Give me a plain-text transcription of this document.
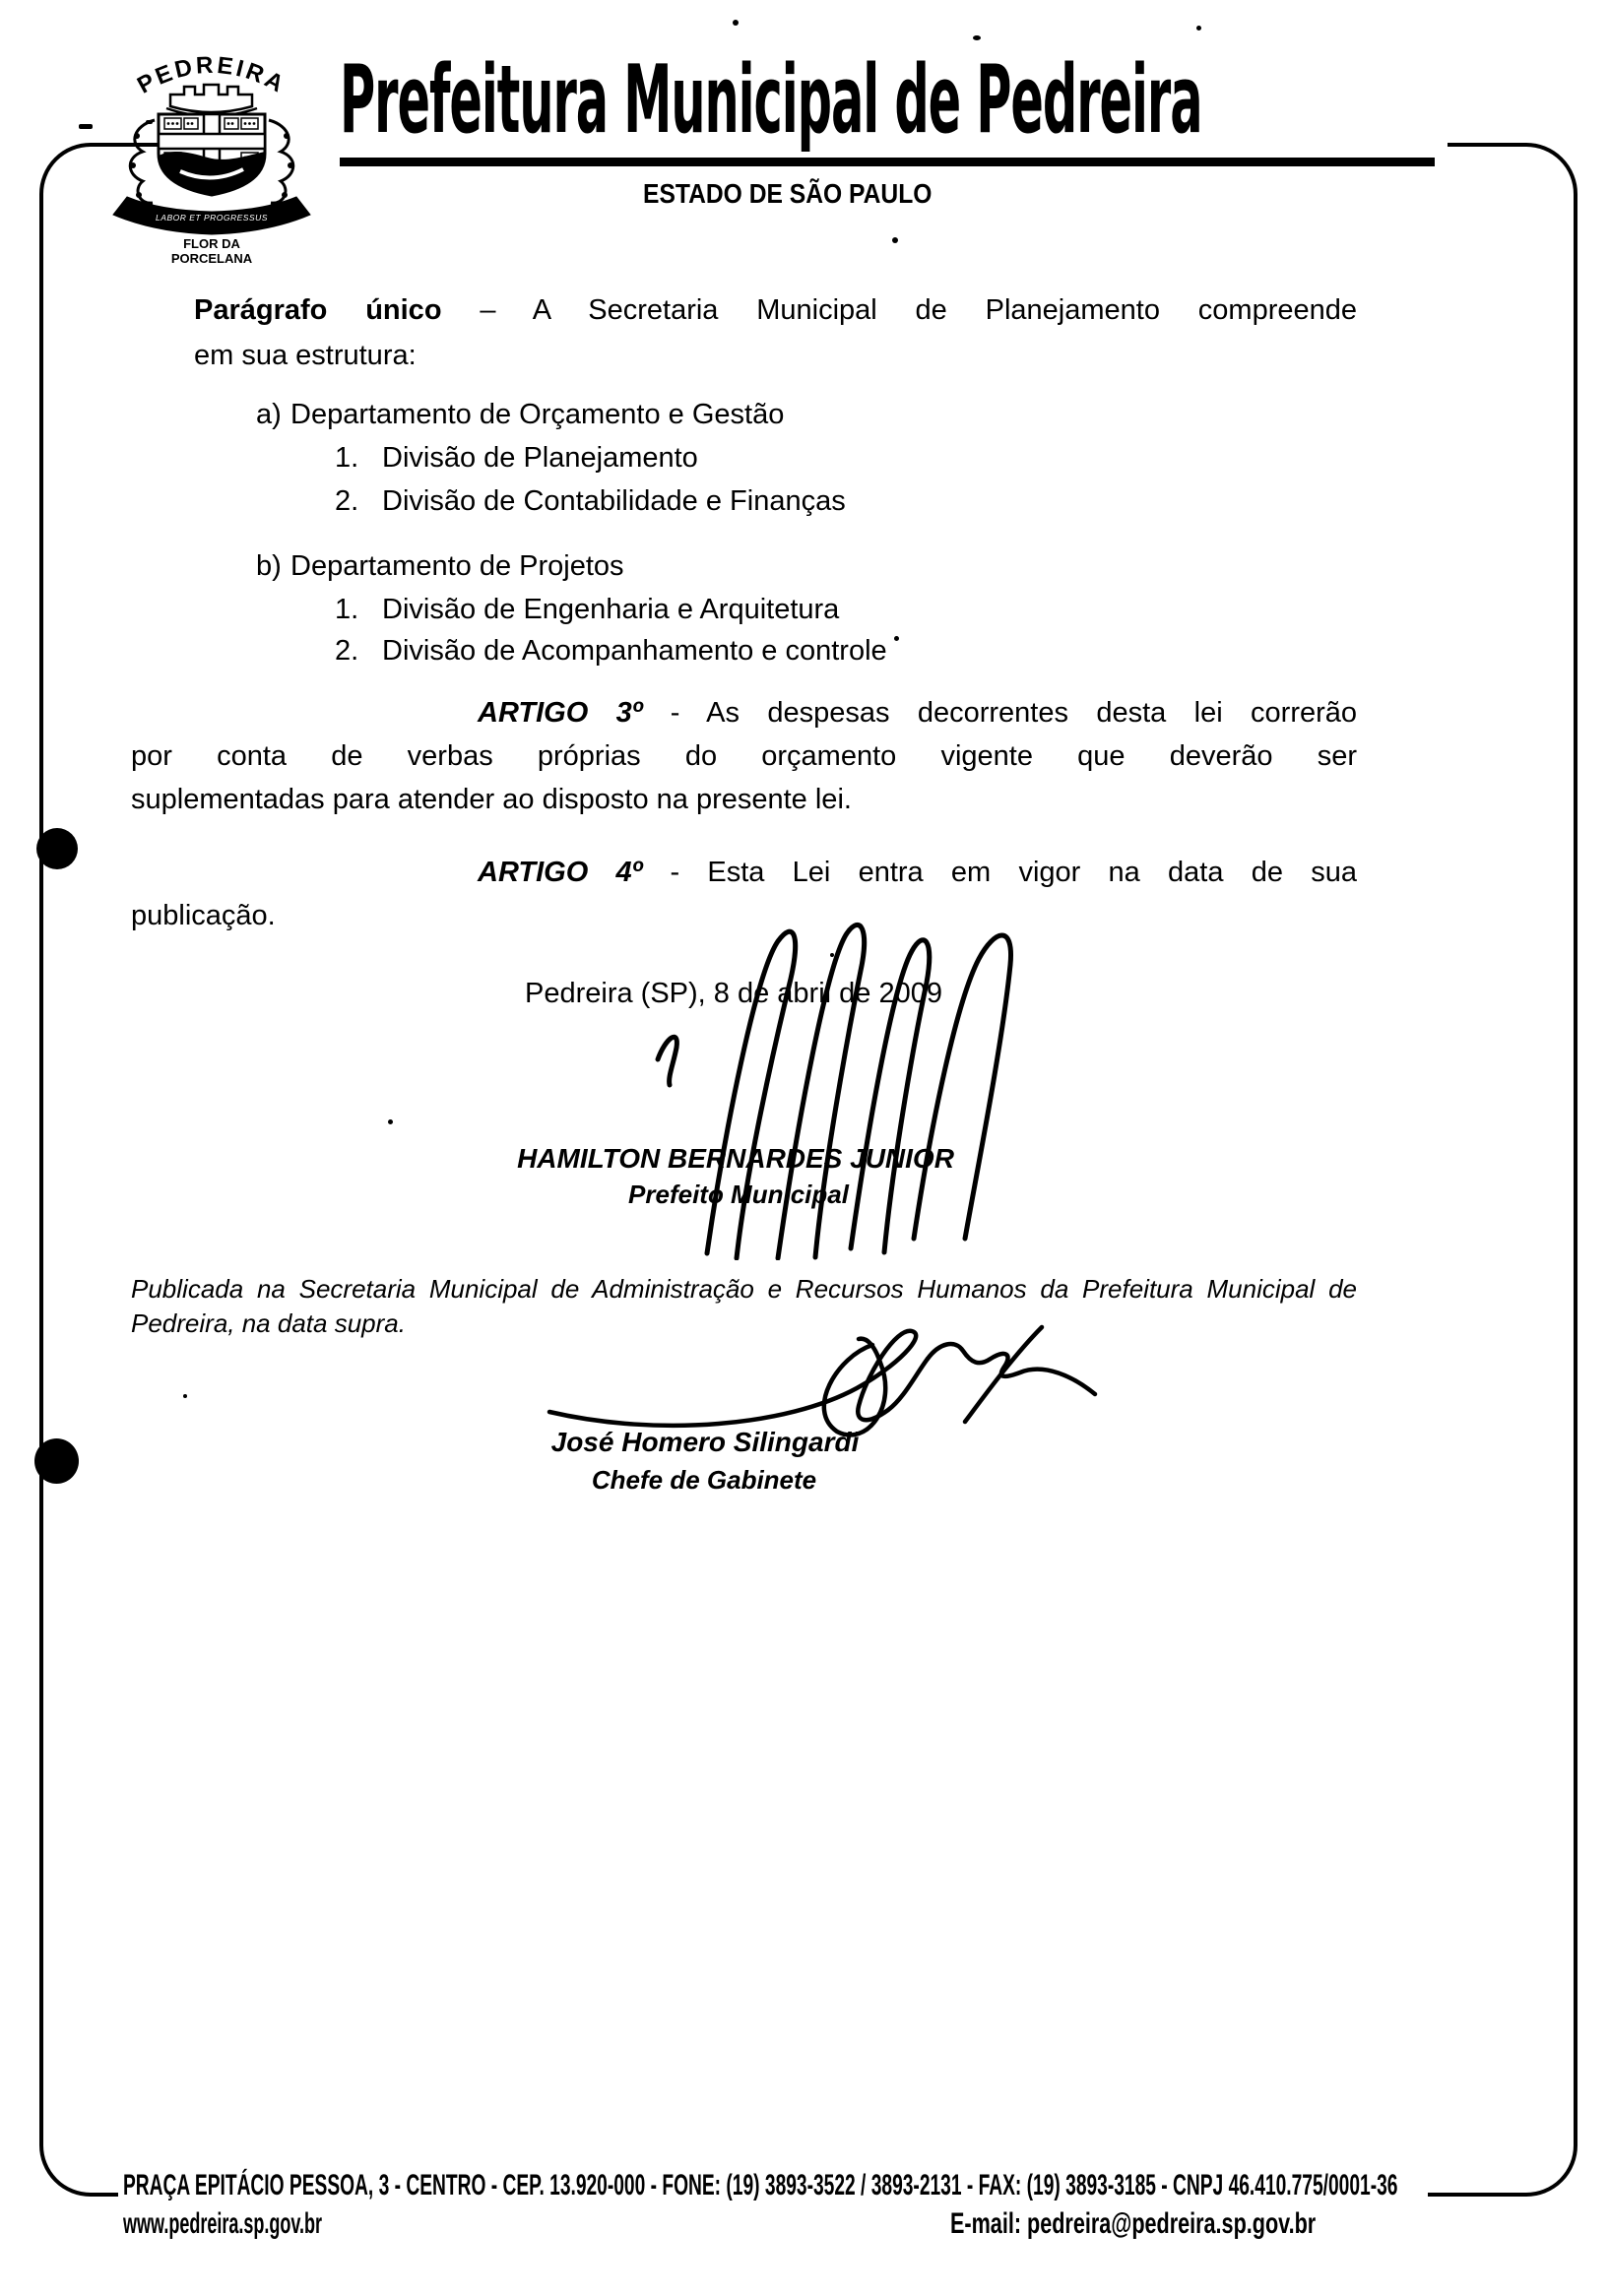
PEDREIRA
LABOR ET PROGRESSUS
FLOR DA
PORCELANA
Prefeitura Municipal de Pedreira
ESTADO DE SÃO PAULO
Parágrafo único – A Secretaria Municipal de Planejamento compreende
em sua estrutura:
a) Departamento de Orçamento e Gestão
1. Divisão de Planejamento
2. Divisão de Contabilidade e Finanças
b) Departamento de Projetos
1. Divisão de Engenharia e Arquitetura
2. Divisão de Acompanhamento e controle
ARTIGO 3º - As despesas decorrentes desta lei correrão
por conta de verbas próprias do orçamento vigente que deverão ser
suplementadas para atender ao disposto na presente lei.
ARTIGO 4º - Esta Lei entra em vigor na data de sua
publicação.
Pedreira (SP), 8 de abril de 2009
HAMILTON BERNARDES JUNIOR
Prefeito Municipal
Publicada na Secretaria Municipal de Administração e Recursos Humanos da Prefeitura Municipal de
Pedreira, na data supra.
José Homero Silingardi
Chefe de Gabinete
PRAÇA EPITÁCIO PESSOA, 3 - CENTRO - CEP. 13.920-000 - FONE: (19) 3893-3522 / 3893-2131 - FAX: (19) 3893-3185 - CNPJ 46.410.775/0001-36
www.pedreira.sp.gov.br	E-mail: pedreira@pedreira.sp.gov.br
